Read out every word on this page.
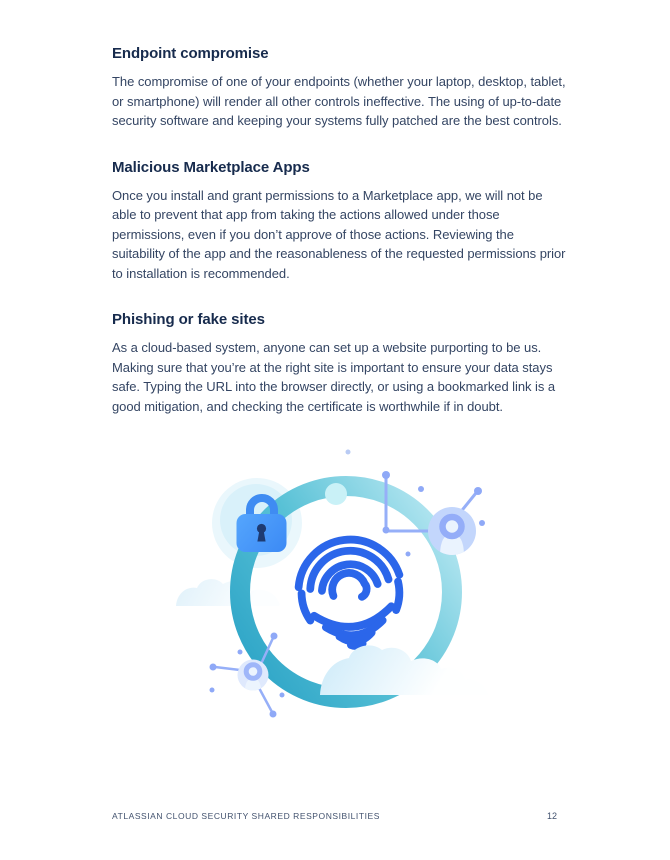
Endpoint compromise

The compromise of one of your endpoints (whether your laptop, desktop, tablet, or smartphone) will render all other controls ineffective. The using of up-to-date security software and keeping your systems fully patched are the best controls.

Malicious Marketplace Apps

Once you install and grant permissions to a Marketplace app, we will not be able to prevent that app from taking the actions allowed under those permissions, even if you don’t approve of those actions. Reviewing the suitability of the app and the reasonableness of the requested permissions prior to installation is recommended.

Phishing or fake sites

As a cloud-based system, anyone can set up a website purporting to be us. Making sure that you’re at the right site is important to ensure your data stays safe. Typing the URL into the browser directly, or using a bookmarked link is a good mitigation, and checking the certificate is worthwhile if in doubt.

ATLASSIAN CLOUD SECURITY SHARED RESPONSIBILITIES	12
